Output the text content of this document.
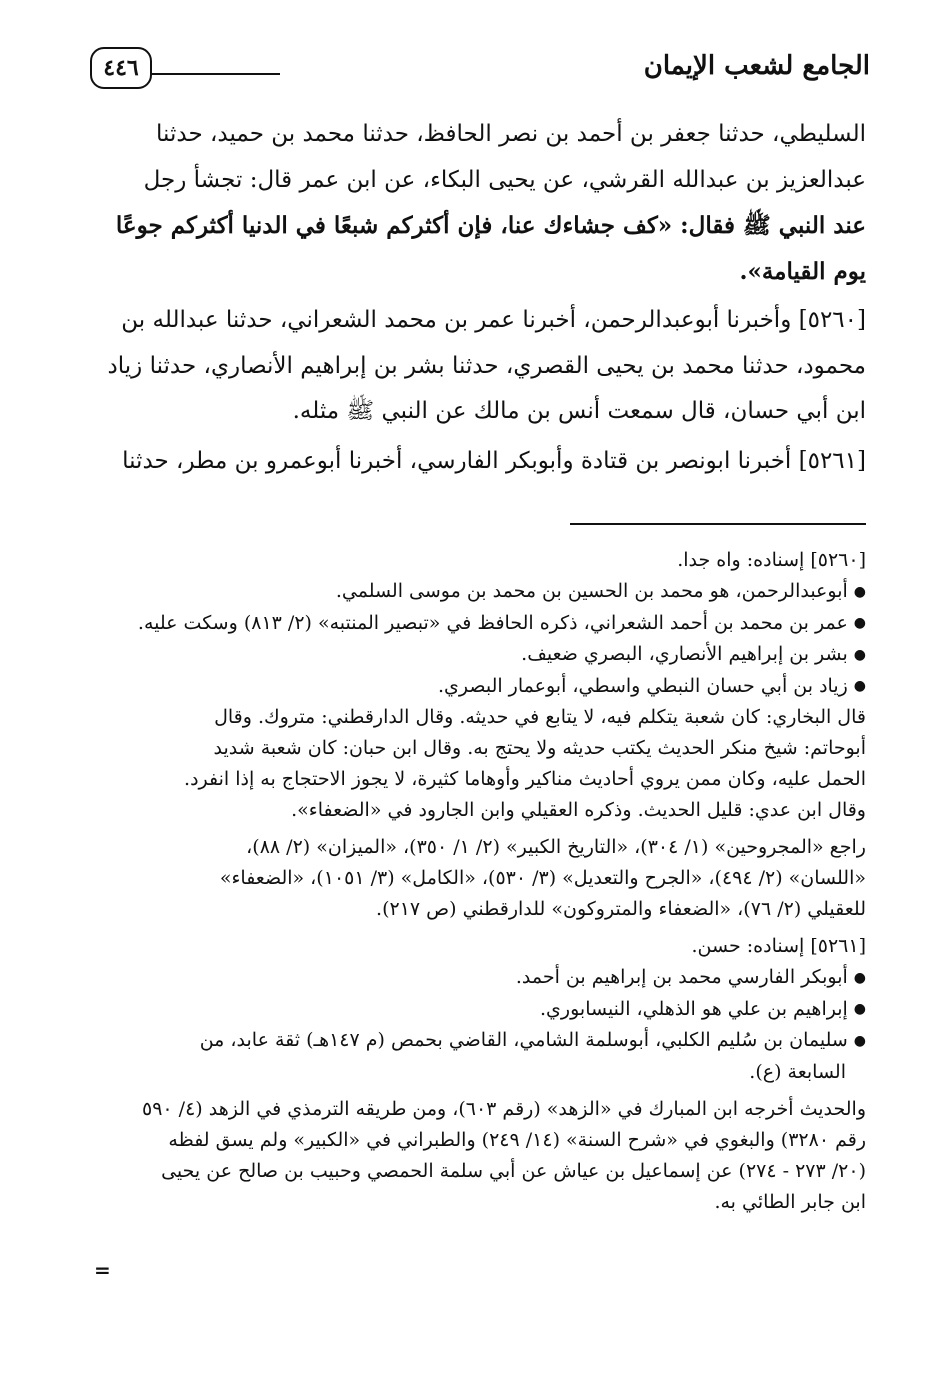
٤٤٦	الجامع لشعب الإيمان

السليطي، حدثنا جعفر بن أحمد بن نصر الحافظ، حدثنا محمد بن حميد، حدثنا
عبدالعزيز بن عبدالله القرشي، عن يحيى البكاء، عن ابن عمر قال: تجشأ رجل
عند النبي ﷺ فقال: «كف جشاءك عنا، فإن أكثركم شبعًا في الدنيا أكثركم جوعًا
يوم القيامة».

[٥٢٦٠] وأخبرنا أبوعبدالرحمن، أخبرنا عمر بن محمد الشعراني، حدثنا عبدالله بن
محمود، حدثنا محمد بن يحيى القصري، حدثنا بشر بن إبراهيم الأنصاري، حدثنا زياد
ابن أبي حسان، قال سمعت أنس بن مالك عن النبي ﷺ مثله.

[٥٢٦١] أخبرنا ابونصر بن قتادة وأبوبكر الفارسي، أخبرنا أبوعمرو بن مطر، حدثنا

[٥٢٦٠] إسناده: واه جدا.
●أبوعبدالرحمن، هو محمد بن الحسين بن محمد بن موسى السلمي.
●عمر بن محمد بن أحمد الشعراني، ذكره الحافظ في «تبصير المنتبه» (٢/ ٨١٣) وسكت عليه.
●بشر بن إبراهيم الأنصاري، البصري ضعيف.
●زياد بن أبي حسان النبطي واسطي، أبوعمار البصري.
قال البخاري: كان شعبة يتكلم فيه، لا يتابع في حديثه. وقال الدارقطني: متروك. وقال
أبوحاتم: شيخ منكر الحديث يكتب حديثه ولا يحتج به. وقال ابن حبان: كان شعبة شديد
الحمل عليه، وكان ممن يروي أحاديث مناكير وأوهاما كثيرة، لا يجوز الاحتجاج به إذا انفرد.
وقال ابن عدي: قليل الحديث. وذكره العقيلي وابن الجارود في «الضعفاء».
راجع «المجروحين» (١/ ٣٠٤)، «التاريخ الكبير» (٢/ ١/ ٣٥٠)، «الميزان» (٢/ ٨٨)،
«اللسان» (٢/ ٤٩٤)، «الجرح والتعديل» (٣/ ٥٣٠)، «الكامل» (٣/ ١٠٥١)، «الضعفاء»
للعقيلي (٢/ ٧٦)، «الضعفاء والمتروكون» للدارقطني (ص ٢١٧).
[٥٢٦١] إسناده: حسن.
●أبوبكر الفارسي محمد بن إبراهيم بن أحمد.
●إبراهيم بن علي هو الذهلي، النيسابوري.
●سليمان بن سُليم الكلبي، أبوسلمة الشامي، القاضي بحمص (م ١٤٧هـ) ثقة عابد، من
السابعة (ع).
والحديث أخرجه ابن المبارك في «الزهد» (رقم ٦٠٣)، ومن طريقه الترمذي في الزهد (٤/ ٥٩٠
رقم ٣٢٨٠) والبغوي في «شرح السنة» (١٤/ ٢٤٩) والطبراني في «الكبير» ولم يسق لفظه
(٢٠/ ٢٧٣ - ٢٧٤) عن إسماعيل بن عياش عن أبي سلمة الحمصي وحبيب بن صالح عن يحيى
ابن جابر الطائي به.
=
